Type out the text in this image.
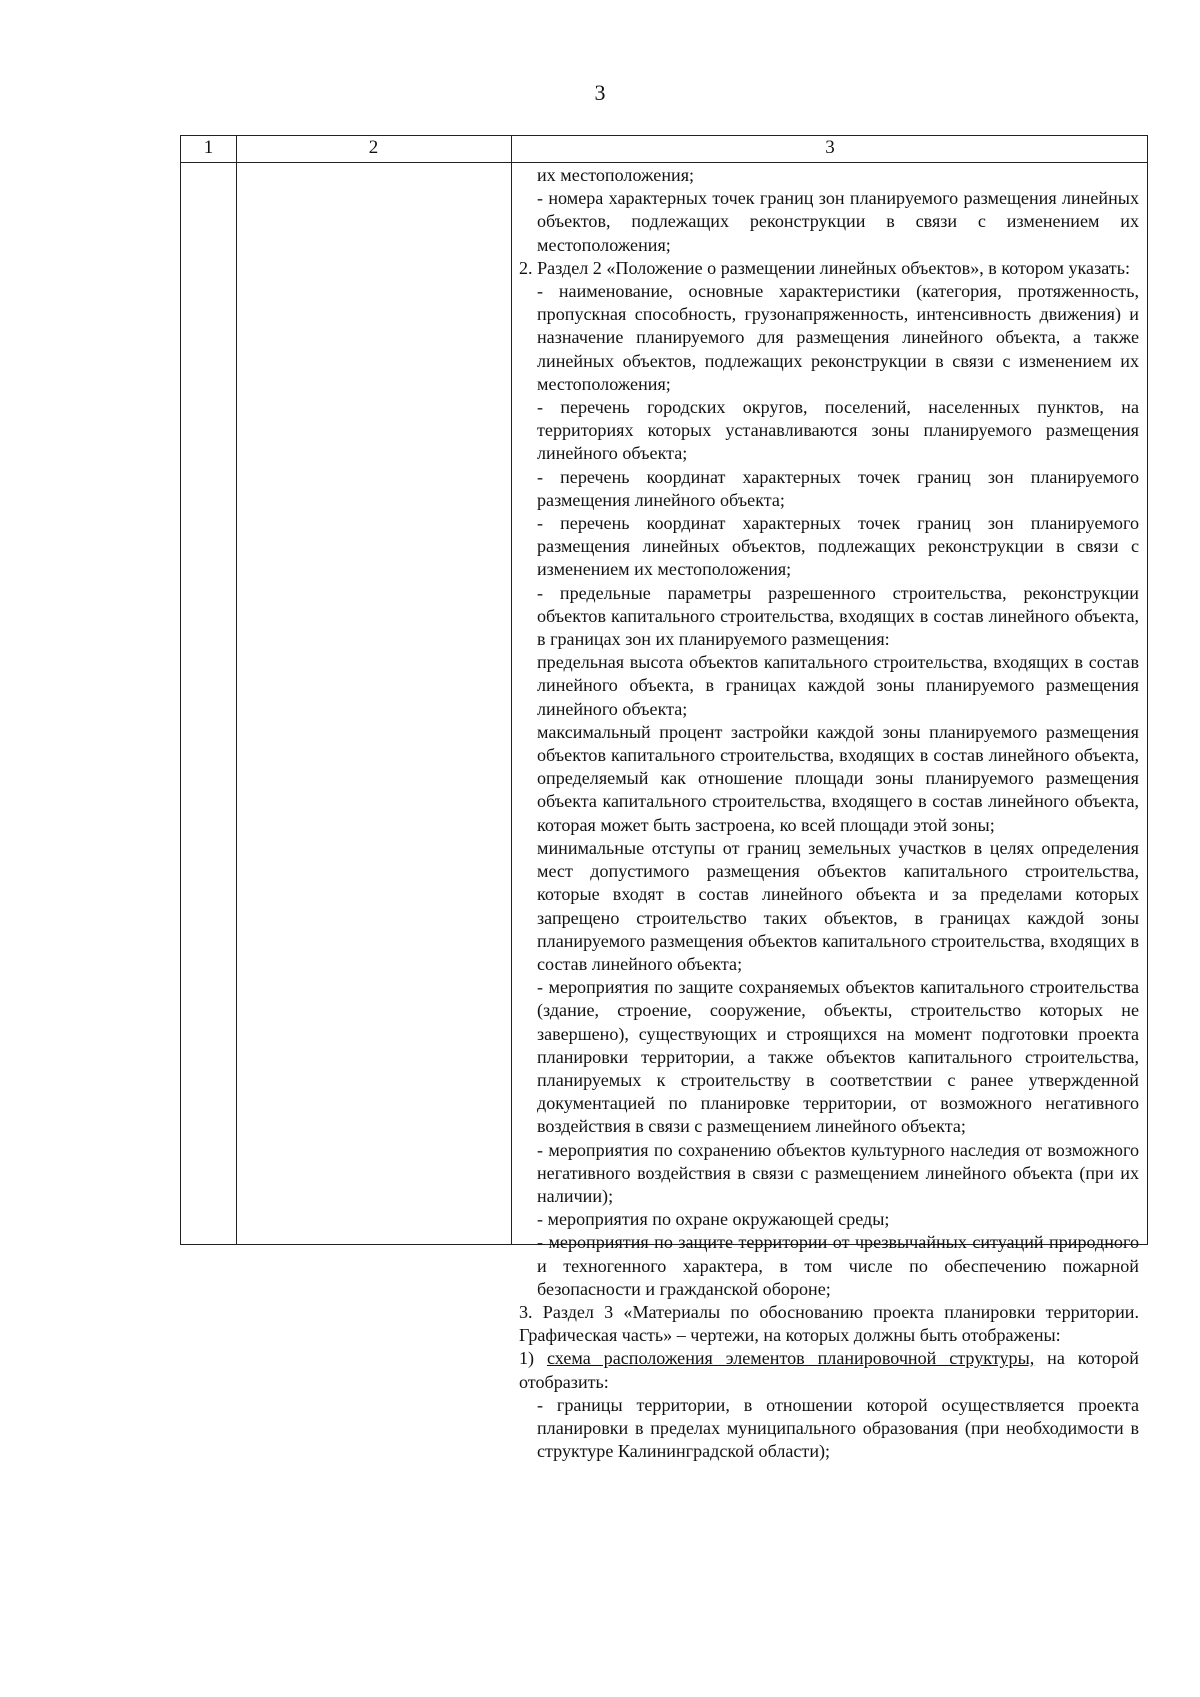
3
1	2	3

их местоположения;

- номера характерных точек границ зон планируемого размещения линейных объектов, подлежащих реконструкции в связи с изменением их местоположения;

2. Раздел 2 «Положение о размещении линейных объектов», в котором указать:

- наименование, основные характеристики (категория, протяженность, пропускная способность, грузонапряженность, интенсивность движения) и назначение планируемого для размещения линейного объекта, а также линейных объектов, подлежащих реконструкции в связи с изменением их местоположения;

- перечень городских округов, поселений, населенных пунктов, на территориях которых устанавливаются зоны планируемого размещения линейного объекта;

- перечень координат характерных точек границ зон планируемого размещения линейного объекта;

- перечень координат характерных точек границ зон планируемого размещения линейных объектов, подлежащих реконструкции в связи с изменением их местоположения;

- предельные параметры разрешенного строительства, реконструкции объектов капитального строительства, входящих в состав линейного объекта, в границах зон их планируемого размещения:

предельная высота объектов капитального строительства, входящих в состав линейного объекта, в границах каждой зоны планируемого размещения линейного объекта;

максимальный процент застройки каждой зоны планируемого размещения объектов капитального строительства, входящих в состав линейного объекта, определяемый как отношение площади зоны планируемого размещения объекта капитального строительства, входящего в состав линейного объекта, которая может быть застроена, ко всей площади этой зоны;

минимальные отступы от границ земельных участков в целях определения мест допустимого размещения объектов капитального строительства, которые входят в состав линейного объекта и за пределами которых запрещено строительство таких объектов, в границах каждой зоны планируемого размещения объектов капитального строительства, входящих в состав линейного объекта;

- мероприятия по защите сохраняемых объектов капитального строительства (здание, строение, сооружение, объекты, строительство которых не завершено), существующих и строящихся на момент подготовки проекта планировки территории, а также объектов капитального строительства, планируемых к строительству в соответствии с ранее утвержденной документацией по планировке территории, от возможного негативного воздействия в связи с размещением линейного объекта;

- мероприятия по сохранению объектов культурного наследия от возможного негативного воздействия в связи с размещением линейного объекта (при их наличии);

- мероприятия по охране окружающей среды;

- мероприятия по защите территории от чрезвычайных ситуаций природного и техногенного характера, в том числе по обеспечению пожарной безопасности и гражданской обороне;

3. Раздел 3 «Материалы по обоснованию проекта планировки территории. Графическая часть» – чертежи, на которых должны быть отображены:

1) схема расположения элементов планировочной структуры, на которой отобразить:

- границы территории, в отношении которой осуществляется проекта планировки в пределах муниципального образования (при необходимости в структуре Калининградской области);
